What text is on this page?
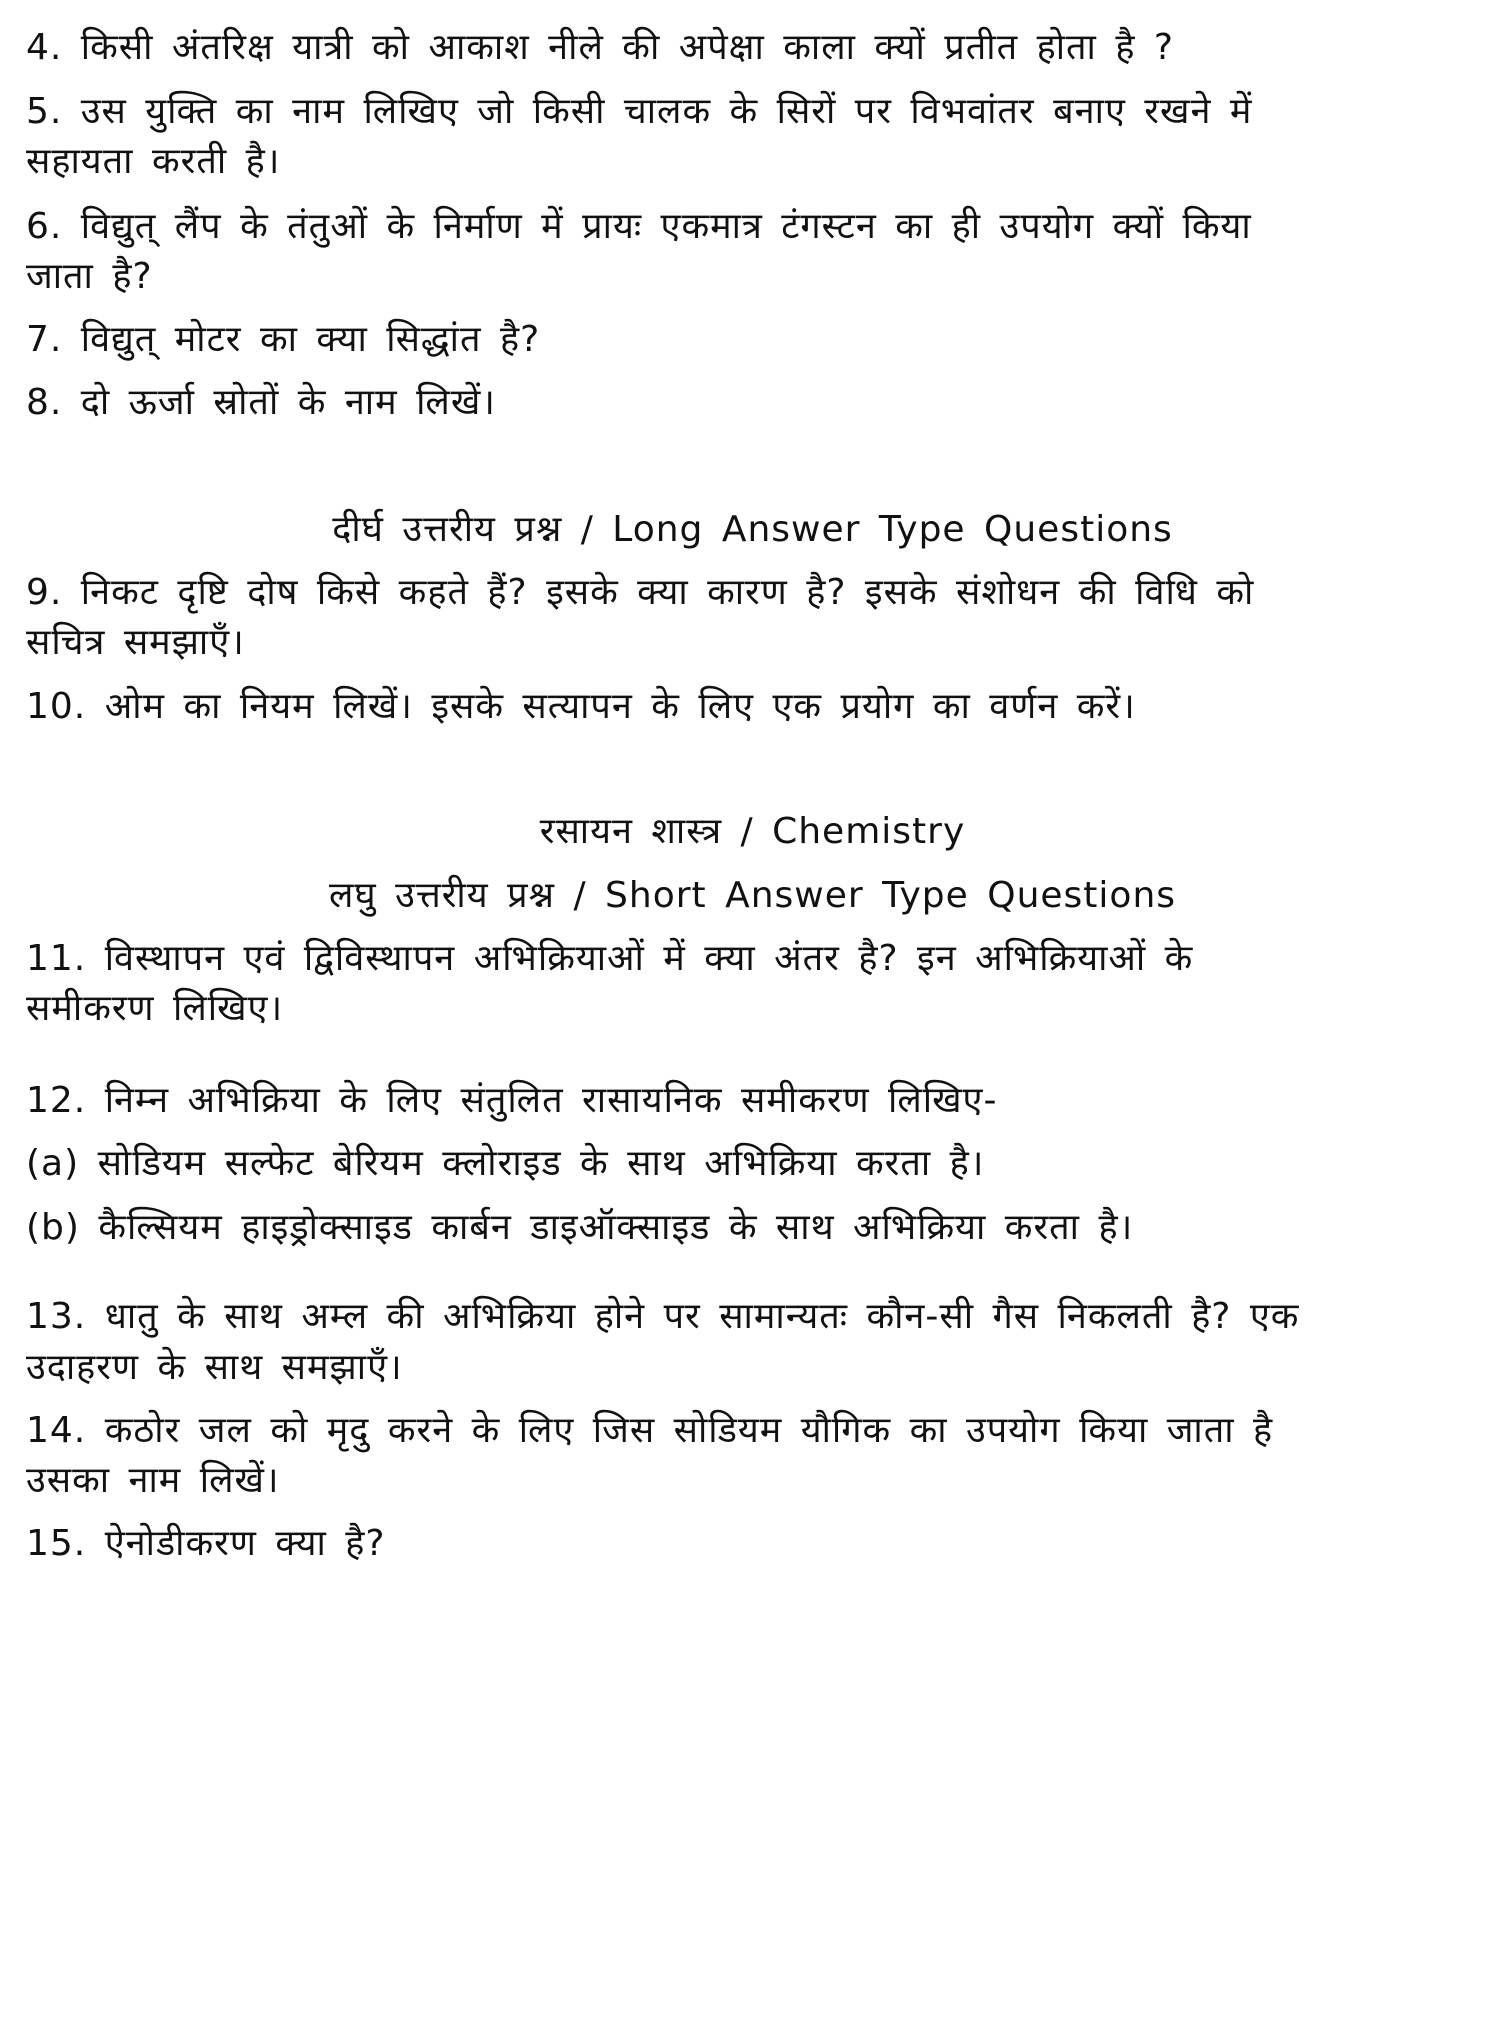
4. किसी अंतरिक्ष यात्री को आकाश नीले की अपेक्षा काला क्यों प्रतीत होता है ?
5. उस युक्ति का नाम लिखिए जो किसी चालक के सिरों पर विभवांतर बनाए रखने में
सहायता करती है।
6. विद्युत् लैंप के तंतुओं के निर्माण में प्रायः एकमात्र टंगस्टन का ही उपयोग क्यों किया
जाता है?
7. विद्युत् मोटर का क्या सिद्धांत है?
8. दो ऊर्जा स्रोतों के नाम लिखें।
दीर्घ उत्तरीय प्रश्न / Long Answer Type Questions
9. निकट दृष्टि दोष किसे कहते हैं? इसके क्या कारण है? इसके संशोधन की विधि को
सचित्र समझाएँ।
10. ओम का नियम लिखें। इसके सत्यापन के लिए एक प्रयोग का वर्णन करें।
रसायन शास्त्र / Chemistry
लघु उत्तरीय प्रश्न / Short Answer Type Questions
11. विस्थापन एवं द्विविस्थापन अभिक्रियाओं में क्या अंतर है? इन अभिक्रियाओं के
समीकरण लिखिए।
12. निम्न अभिक्रिया के लिए संतुलित रासायनिक समीकरण लिखिए-
(a) सोडियम सल्फेट बेरियम क्लोराइड के साथ अभिक्रिया करता है।
(b) कैल्सियम हाइड्रोक्साइड कार्बन डाइऑक्साइड के साथ अभिक्रिया करता है।
13. धातु के साथ अम्ल की अभिक्रिया होने पर सामान्यतः कौन-सी गैस निकलती है? एक
उदाहरण के साथ समझाएँ।
14. कठोर जल को मृदु करने के लिए जिस सोडियम यौगिक का उपयोग किया जाता है
उसका नाम लिखें।
15. ऐनोडीकरण क्या है?
